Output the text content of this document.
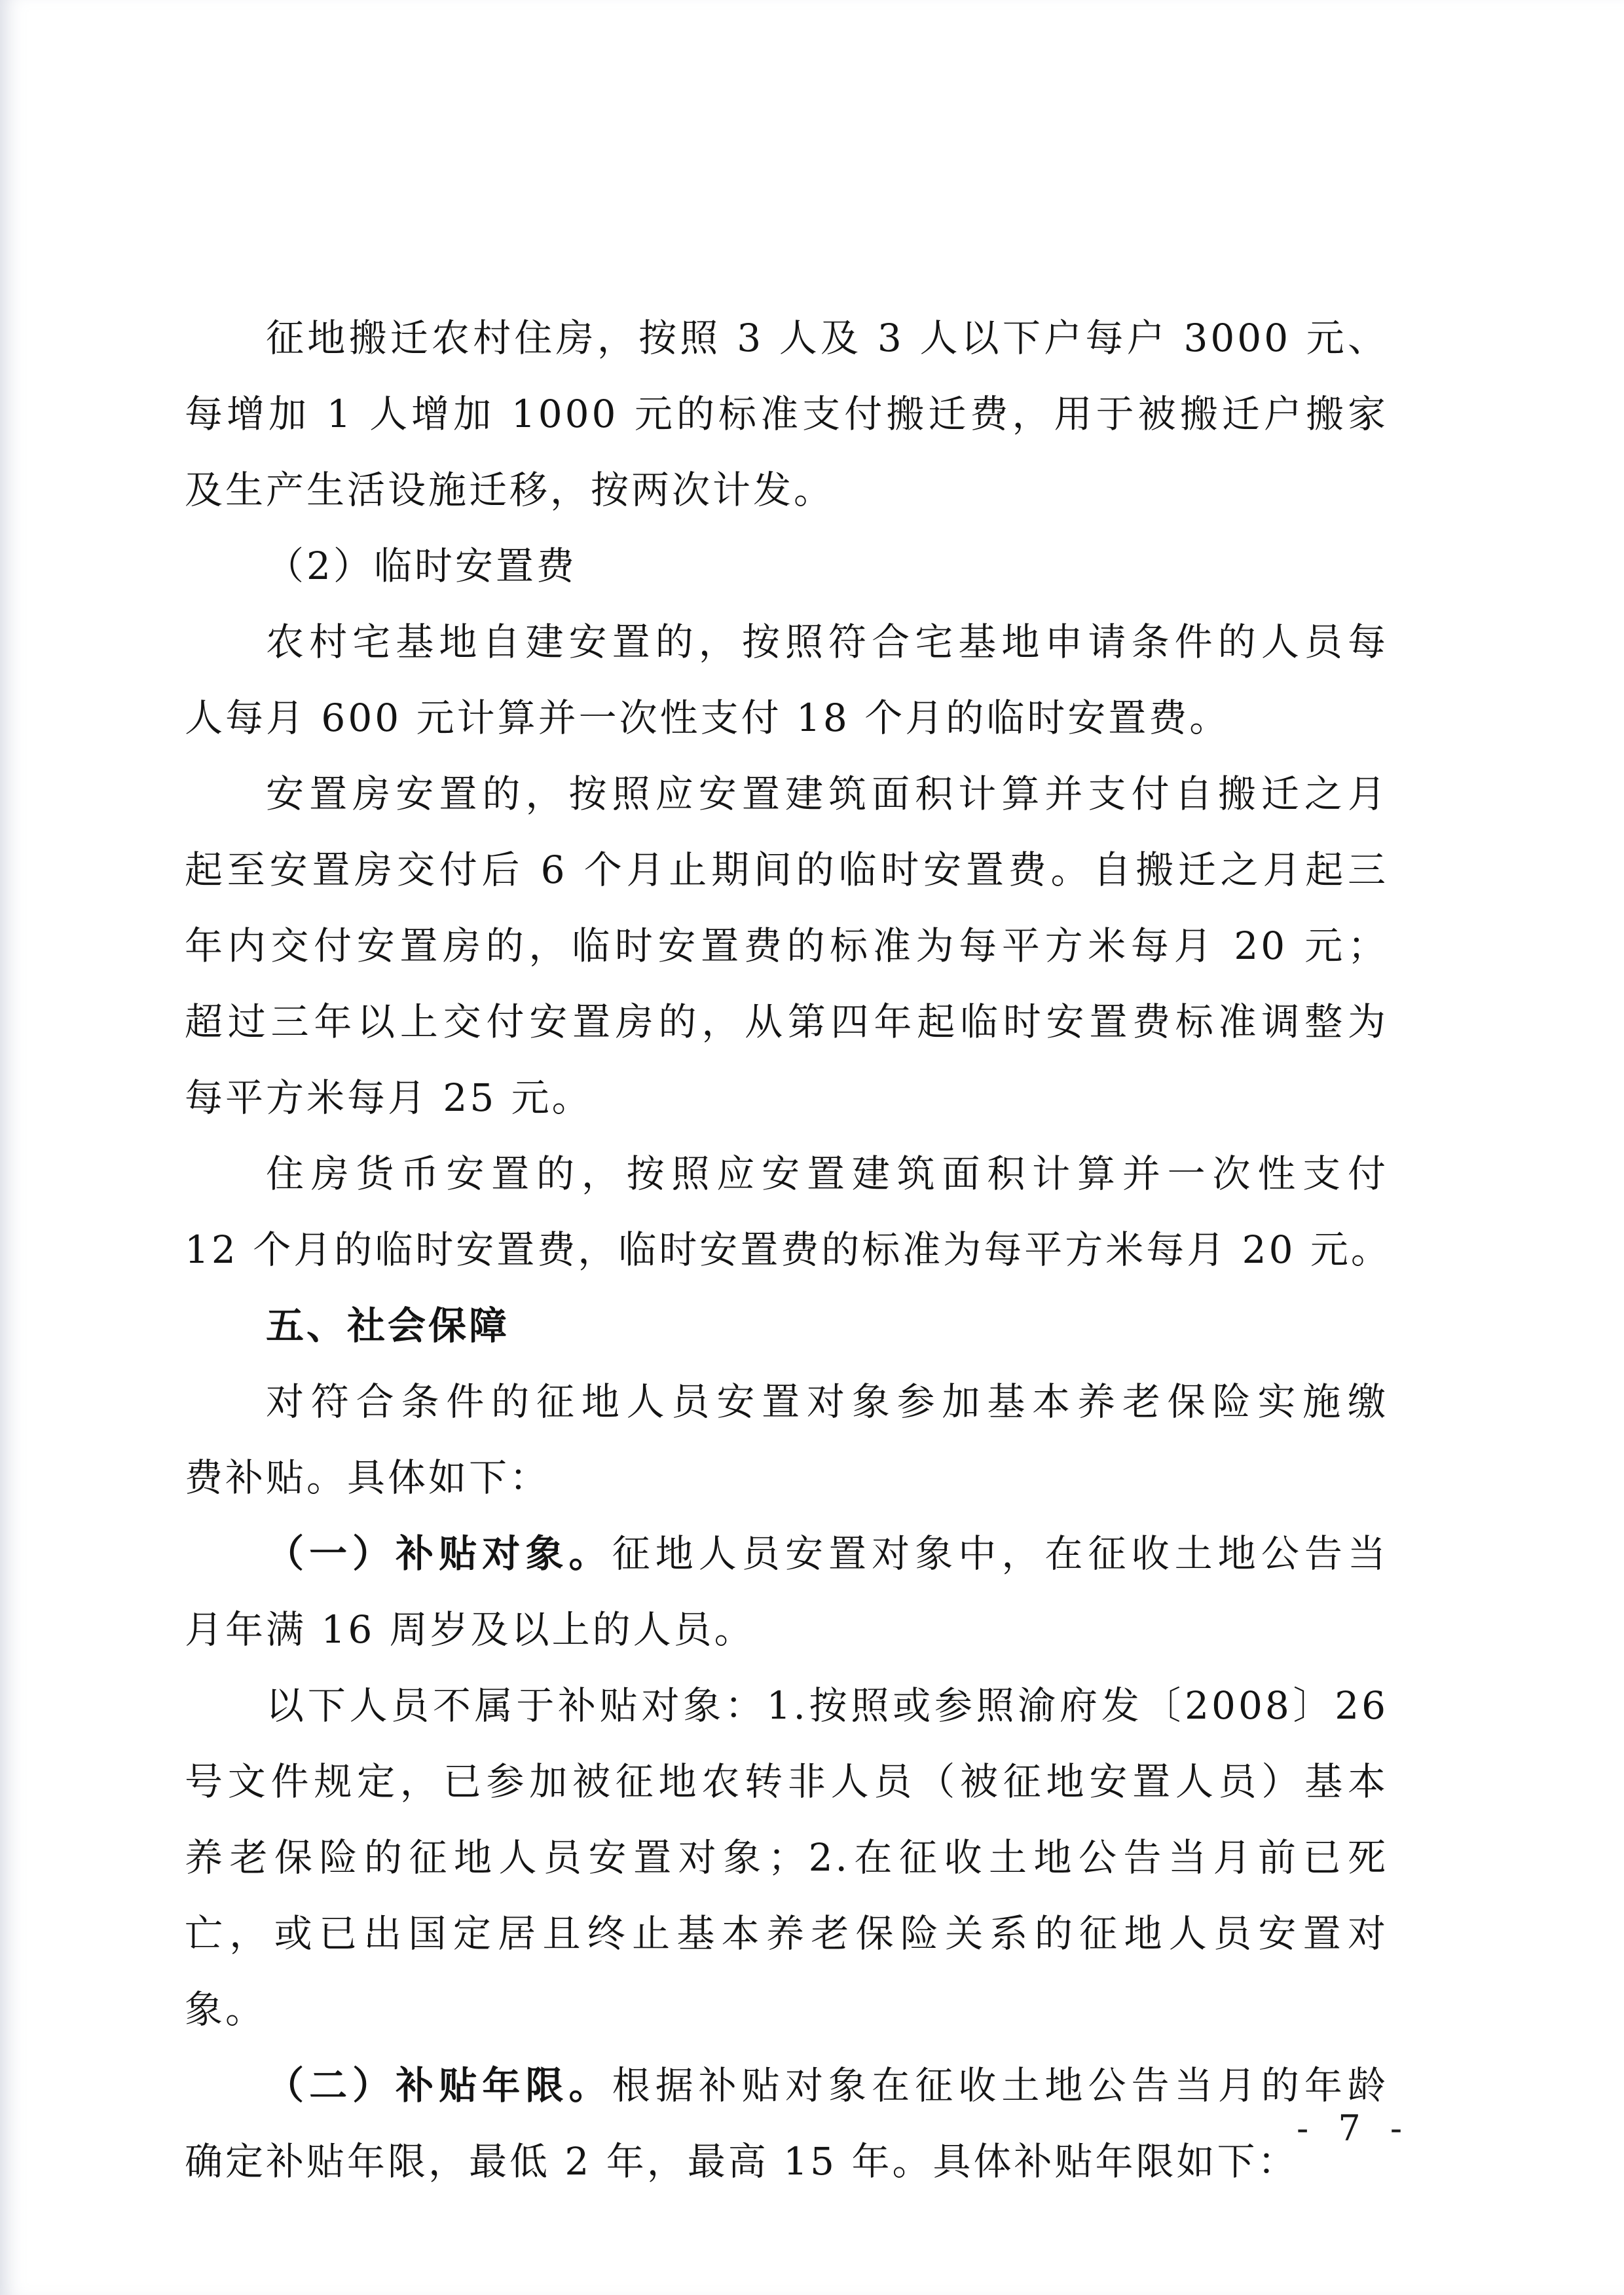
征地搬迁农村住房，按照 3 人及 3 人以下户每户 3000 元、
每增加 1 人增加 1000 元的标准支付搬迁费，用于被搬迁户搬家
及生产生活设施迁移，按两次计发。
（2）临时安置费
农村宅基地自建安置的，按照符合宅基地申请条件的人员每
人每月 600 元计算并一次性支付 18 个月的临时安置费。
安置房安置的，按照应安置建筑面积计算并支付自搬迁之月
起至安置房交付后 6 个月止期间的临时安置费。自搬迁之月起三
年内交付安置房的，临时安置费的标准为每平方米每月 20 元；
超过三年以上交付安置房的，从第四年起临时安置费标准调整为
每平方米每月 25 元。
住房货币安置的，按照应安置建筑面积计算并一次性支付
12 个月的临时安置费，临时安置费的标准为每平方米每月 20 元。
五、社会保障
对符合条件的征地人员安置对象参加基本养老保险实施缴
费补贴。具体如下：
（一）补贴对象。征地人员安置对象中，在征收土地公告当
月年满 16 周岁及以上的人员。
以下人员不属于补贴对象：1.按照或参照渝府发〔2008〕26
号文件规定，已参加被征地农转非人员（被征地安置人员）基本
养老保险的征地人员安置对象；2.在征收土地公告当月前已死
亡，或已出国定居且终止基本养老保险关系的征地人员安置对
象。
（二）补贴年限。根据补贴对象在征收土地公告当月的年龄
确定补贴年限，最低 2 年，最高 15 年。具体补贴年限如下：
- 7 -
